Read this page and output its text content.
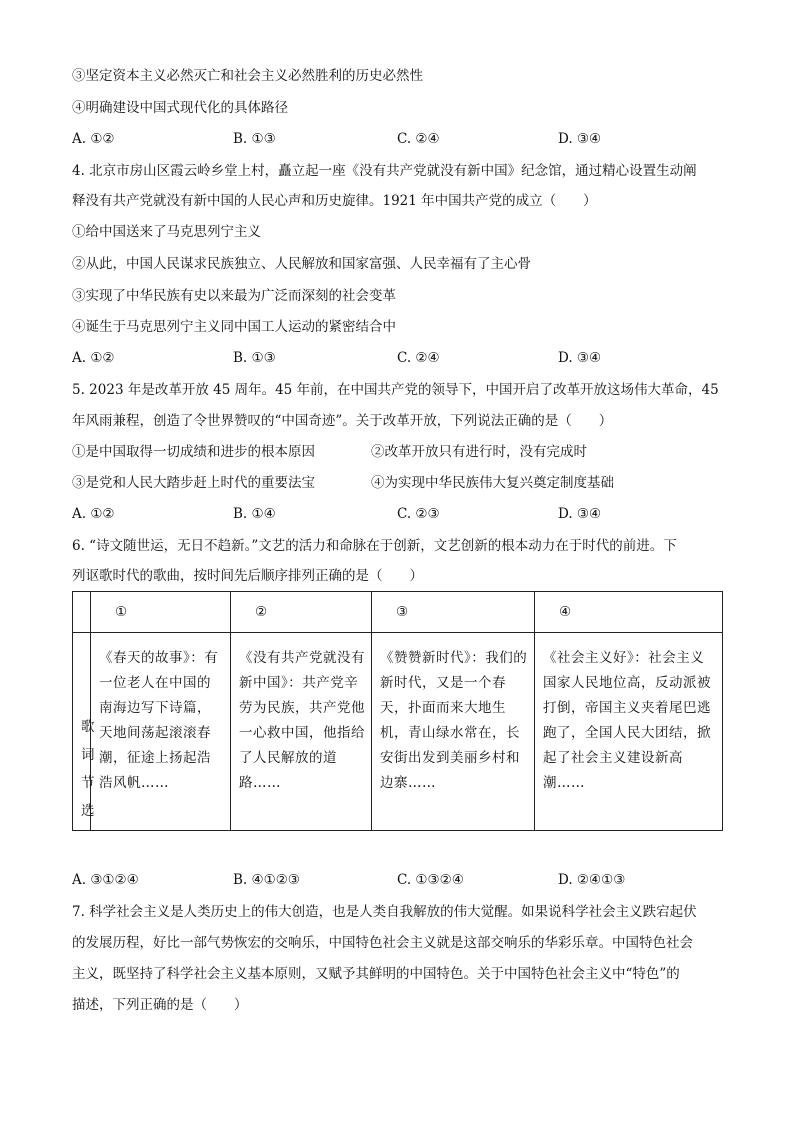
③坚定资本主义必然灭亡和社会主义必然胜利的历史必然性
④明确建设中国式现代化的具体路径
A. ①②	B. ①③	C. ②④	D. ③④
4. 北京市房山区霞云岭乡堂上村，矗立起一座《没有共产党就没有新中国》纪念馆，通过精心设置生动阐
释没有共产党就没有新中国的人民心声和历史旋律。1921 年中国共产党的成立（　　）
①给中国送来了马克思列宁主义
②从此，中国人民谋求民族独立、人民解放和国家富强、人民幸福有了主心骨
③实现了中华民族有史以来最为广泛而深刻的社会变革
④诞生于马克思列宁主义同中国工人运动的紧密结合中
A. ①②	B. ①③	C. ②④	D. ③④
5. 2023 年是改革开放 45 周年。45 年前，在中国共产党的领导下，中国开启了改革开放这场伟大革命，45
年风雨兼程，创造了令世界赞叹的“中国奇迹”。关于改革开放，下列说法正确的是（　　）
①是中国取得一切成绩和进步的根本原因	②改革开放只有进行时，没有完成时
③是党和人民大踏步赶上时代的重要法宝	④为实现中华民族伟大复兴奠定制度基础
A. ①②	B. ①④	C. ②③	D. ③④
6. “诗文随世运，无日不趋新。”文艺的活力和命脉在于创新，文艺创新的根本动力在于时代的前进。下
列讴歌时代的歌曲，按时间先后顺序排列正确的是（　　）
	①	②	③	④

歌词节选	《春天的故事》：有一位老人在中国的南海边写下诗篇，天地间荡起滚滚春潮，征途上扬起浩浩风帆……	《没有共产党就没有新中国》：共产党辛劳为民族，共产党他一心救中国，他指给了人民解放的道路……	《赞赞新时代》：我们的新时代，又是一个春天，扑面而来大地生机，青山绿水常在，长安街出发到美丽乡村和边寨……	《社会主义好》：社会主义国家人民地位高，反动派被打倒，帝国主义夹着尾巴逃跑了，全国人民大团结，掀起了社会主义建设新高潮……
A. ③①②④	B. ④①②③	C. ①③②④	D. ②④①③
7. 科学社会主义是人类历史上的伟大创造，也是人类自我解放的伟大觉醒。如果说科学社会主义跌宕起伏
的发展历程，好比一部气势恢宏的交响乐，中国特色社会主义就是这部交响乐的华彩乐章。中国特色社会
主义，既坚持了科学社会主义基本原则，又赋予其鲜明的中国特色。关于中国特色社会主义中“特色”的
描述，下列正确的是（　　）
